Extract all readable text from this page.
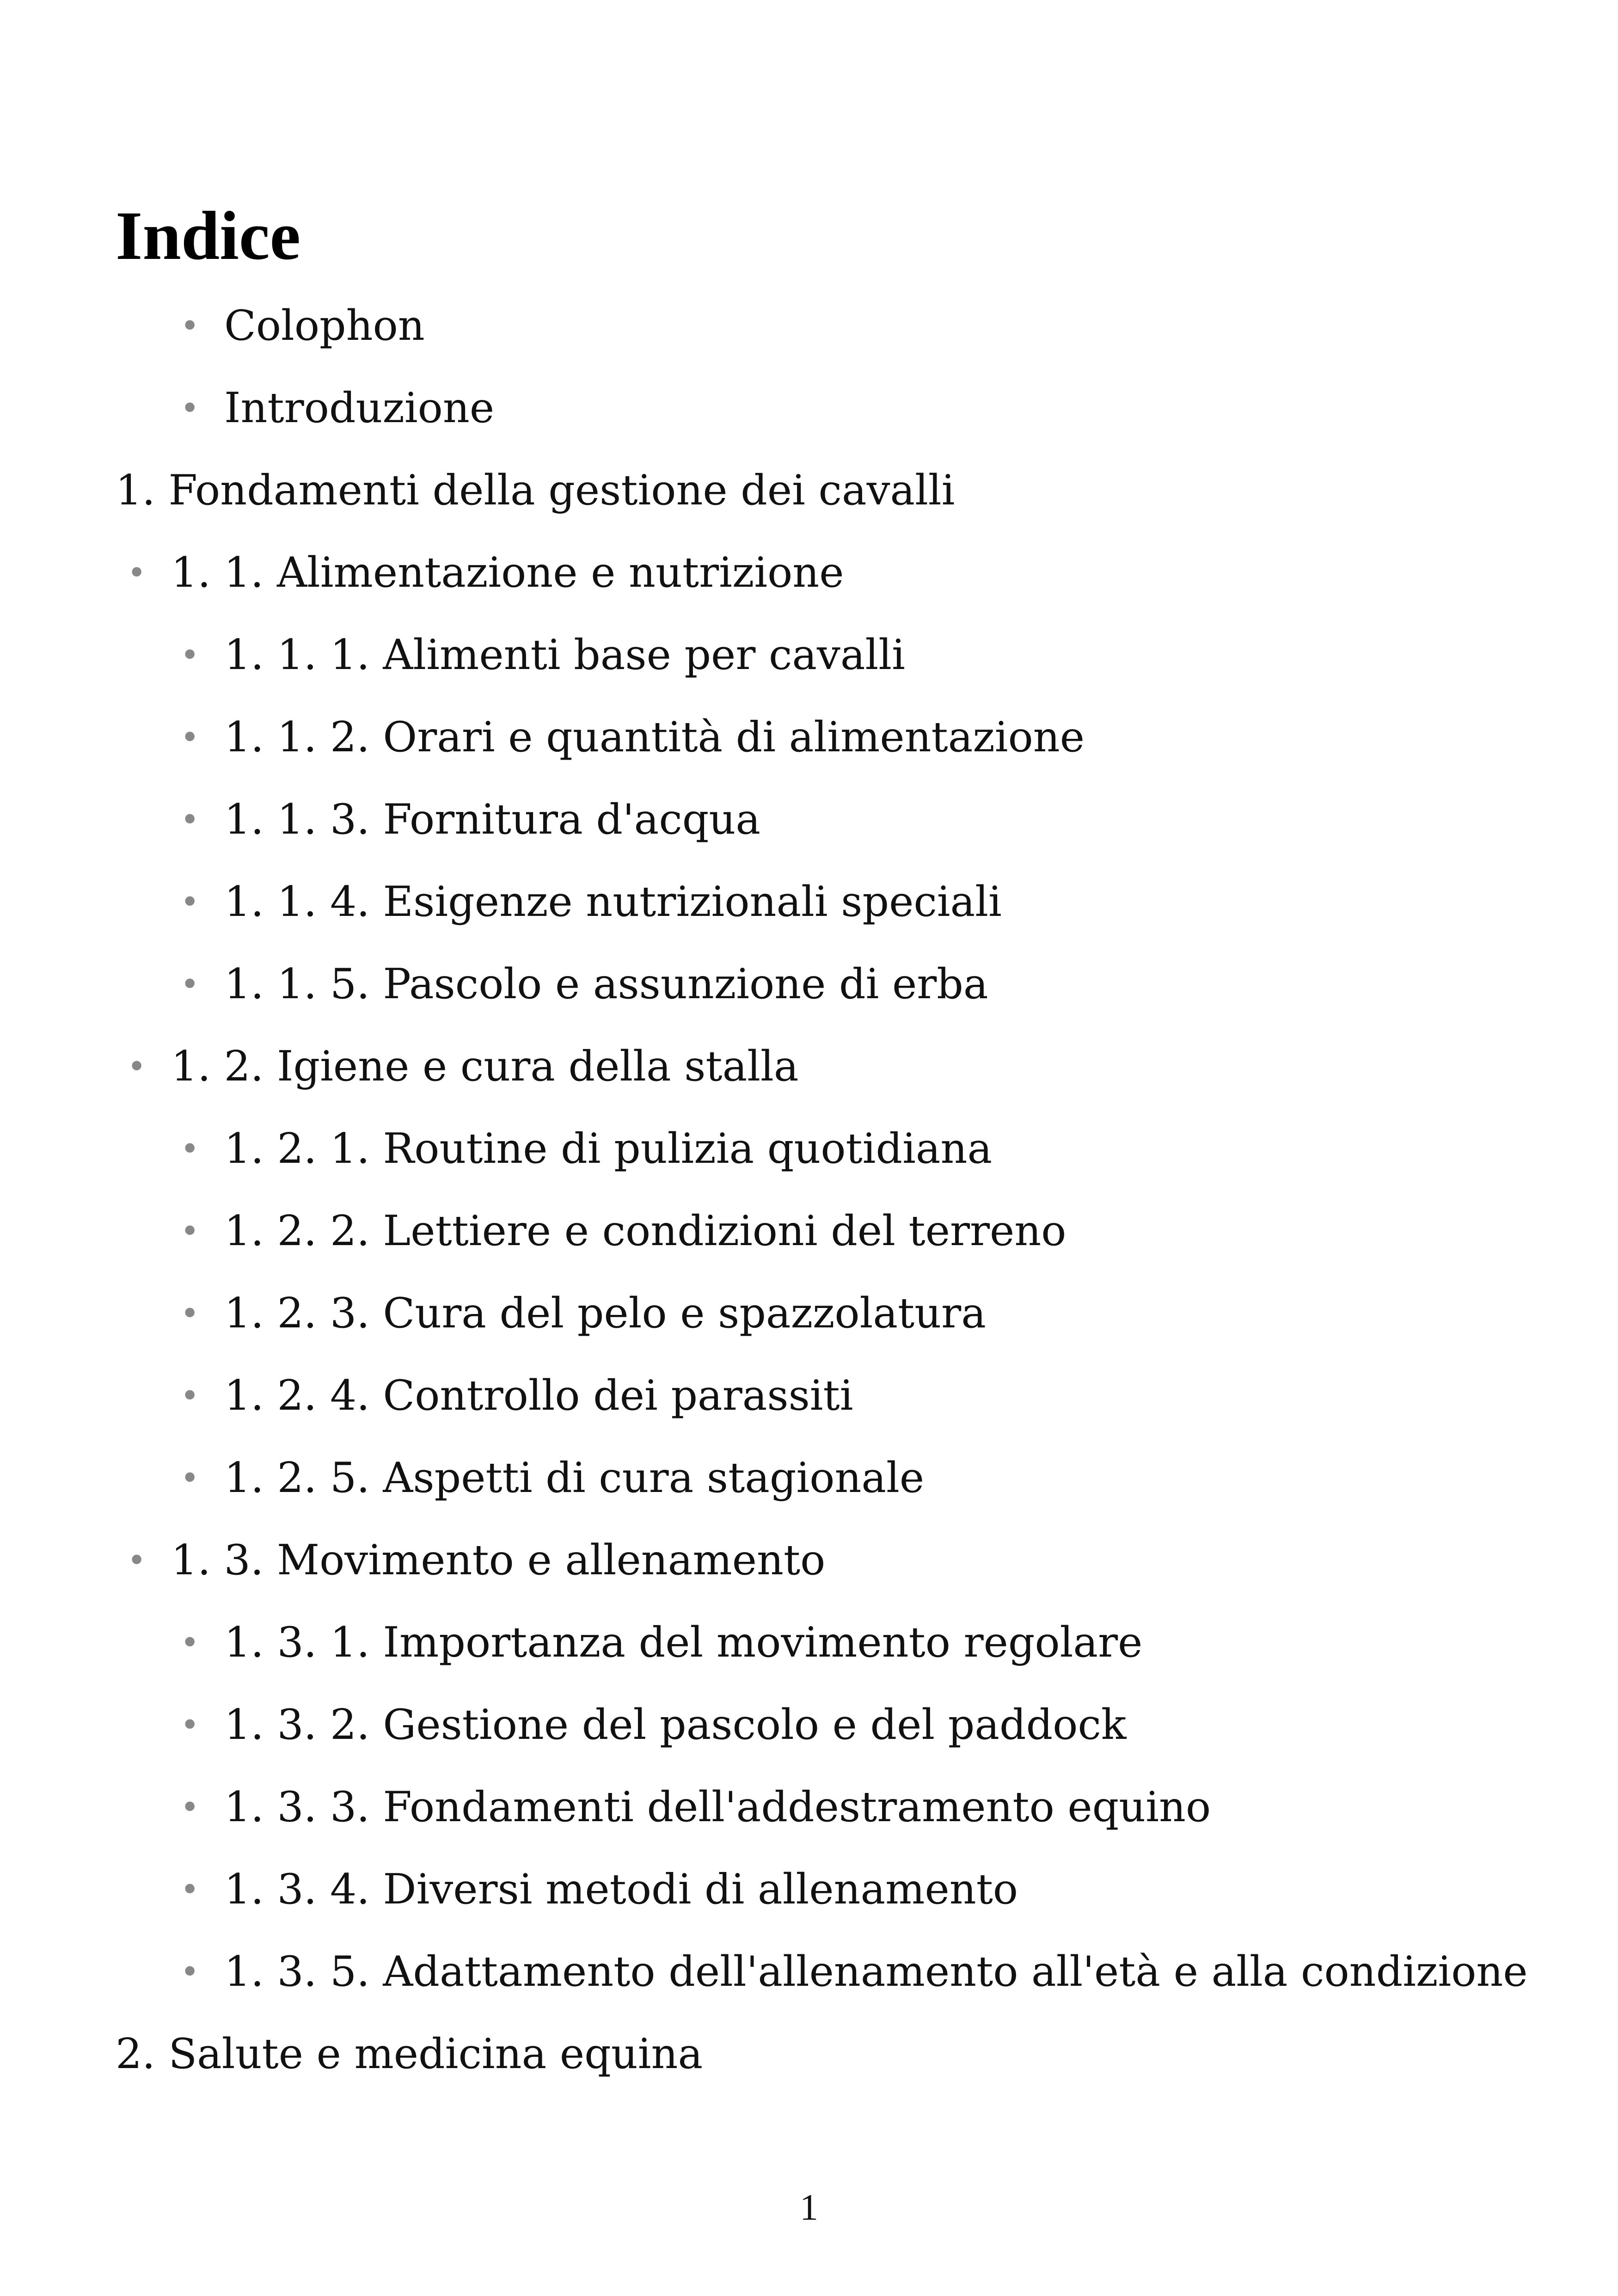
Indice
• Colophon
• Introduzione
1. Fondamenti della gestione dei cavalli
• 1. 1. Alimentazione e nutrizione
• 1. 1. 1. Alimenti base per cavalli
• 1. 1. 2. Orari e quantità di alimentazione
• 1. 1. 3. Fornitura d'acqua
• 1. 1. 4. Esigenze nutrizionali speciali
• 1. 1. 5. Pascolo e assunzione di erba
• 1. 2. Igiene e cura della stalla
• 1. 2. 1. Routine di pulizia quotidiana
• 1. 2. 2. Lettiere e condizioni del terreno
• 1. 2. 3. Cura del pelo e spazzolatura
• 1. 2. 4. Controllo dei parassiti
• 1. 2. 5. Aspetti di cura stagionale
• 1. 3. Movimento e allenamento
• 1. 3. 1. Importanza del movimento regolare
• 1. 3. 2. Gestione del pascolo e del paddock
• 1. 3. 3. Fondamenti dell'addestramento equino
• 1. 3. 4. Diversi metodi di allenamento
• 1. 3. 5. Adattamento dell'allenamento all'età e alla condizione
2. Salute e medicina equina
1
